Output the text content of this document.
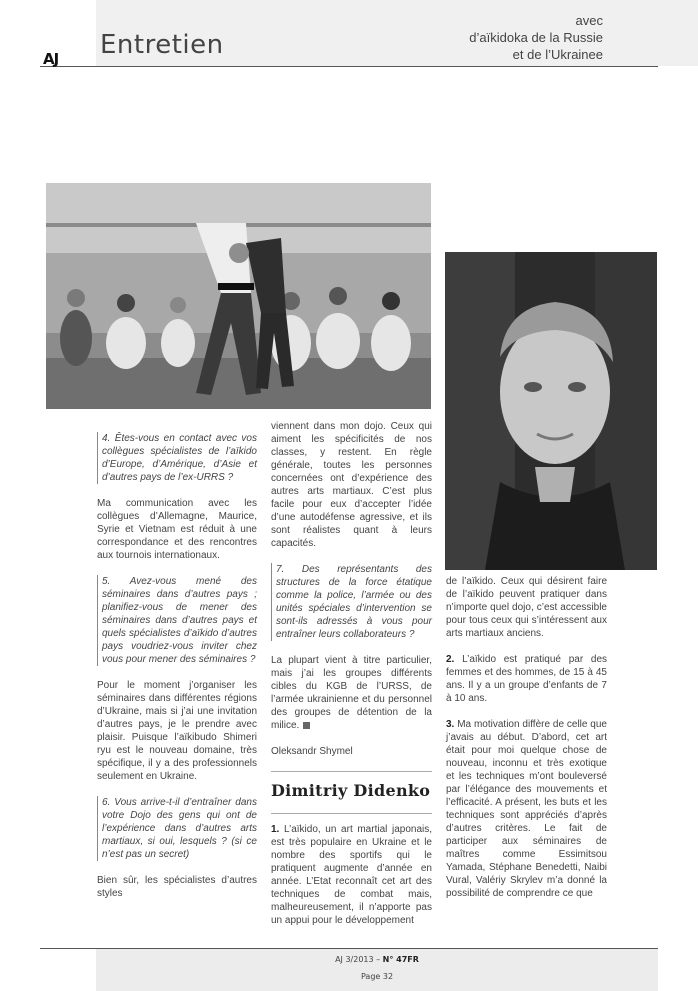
AJ Entretien
avec
d’aïkidoka de la Russie
et de l’Ukrainee

4. Êtes-vous en contact avec vos collègues spécialistes de l’aïkido d’Europe, d’Amérique, d’Asie et d’autres pays de l’ex-URRS ?

Ma communication avec les collègues d’Allemagne, Maurice, Syrie et Vietnam est réduit à une correspondance et des rencontres aux tournois internationaux.

5. Avez-vous mené des séminaires dans d’autres pays ; planifiez-vous de mener des séminaires dans d’autres pays et quels spécialistes d’aïkido d’autres pays voudriez-vous inviter chez vous pour mener des séminaires ?

Pour le moment j’organiser les séminaires dans différentes régions d’Ukraine, mais si j’ai une invitation d’autres pays, je le prendre avec plaisir. Puisque l’aïkibudo Shimeri ryu est le nouveau domaine, très spécifique, il y a des professionnels seulement en Ukraine.

6. Vous arrive-t-il d’entraîner dans votre Dojo des gens qui ont de l’expérience dans d’autres arts martiaux, si oui, lesquels ? (si ce n’est pas un secret)

Bien sûr, les spécialistes d’autres styles

viennent dans mon dojo. Ceux qui aiment les spécificités de nos classes, y restent. En règle générale, toutes les personnes concernées ont d’expérience des autres arts martiaux. C’est plus facile pour eux d’accepter l’idée d’une autodéfense agressive, et ils sont réalistes quant à leurs capacités.

7. Des représentants des structures de la force étatique comme la police, l’armée ou des unités spéciales d’intervention se sont-ils adressés à vous pour entraîner leurs collaborateurs ?

La plupart vient à titre particulier, mais j’ai les groupes différents cibles du KGB de l’URSS, de l’armée ukrainienne et du personnel des groupes de détention de la milice.

Oleksandr Shymel

Dimitriy Didenko

1. L’aïkido, un art martial japonais, est très populaire en Ukraine et le nombre des sportifs qui le pratiquent augmente d’année en année. L’Etat reconnaît cet art des techniques de combat mais, malheureusement, il n’apporte pas un appui pour le développement

de l’aïkido. Ceux qui désirent faire de l’aïkido peuvent pratiquer dans n’importe quel dojo, c’est accessible pour tous ceux qui s’intéressent aux arts martiaux anciens.

2. L’aïkido est pratiqué par des femmes et des hommes, de 15 à 45 ans. Il y a un groupe d’enfants de 7 à 10 ans.

3. Ma motivation diffère de celle que j’avais au début. D’abord, cet art était pour moi quelque chose de nouveau, inconnu et très exotique et les techniques m’ont bouleversé par l’élégance des mouvements et l’efficacité. A présent, les buts et les techniques sont appréciés d’après d’autres critères. Le fait de participer aux séminaires de maîtres comme Essimitsou Yamada, Stéphane Benedetti, Naibi Vural, Valériy Skrylev m’a donné la possibilité de comprendre ce que

AJ 3/2013 – N° 47FR
Page 32
